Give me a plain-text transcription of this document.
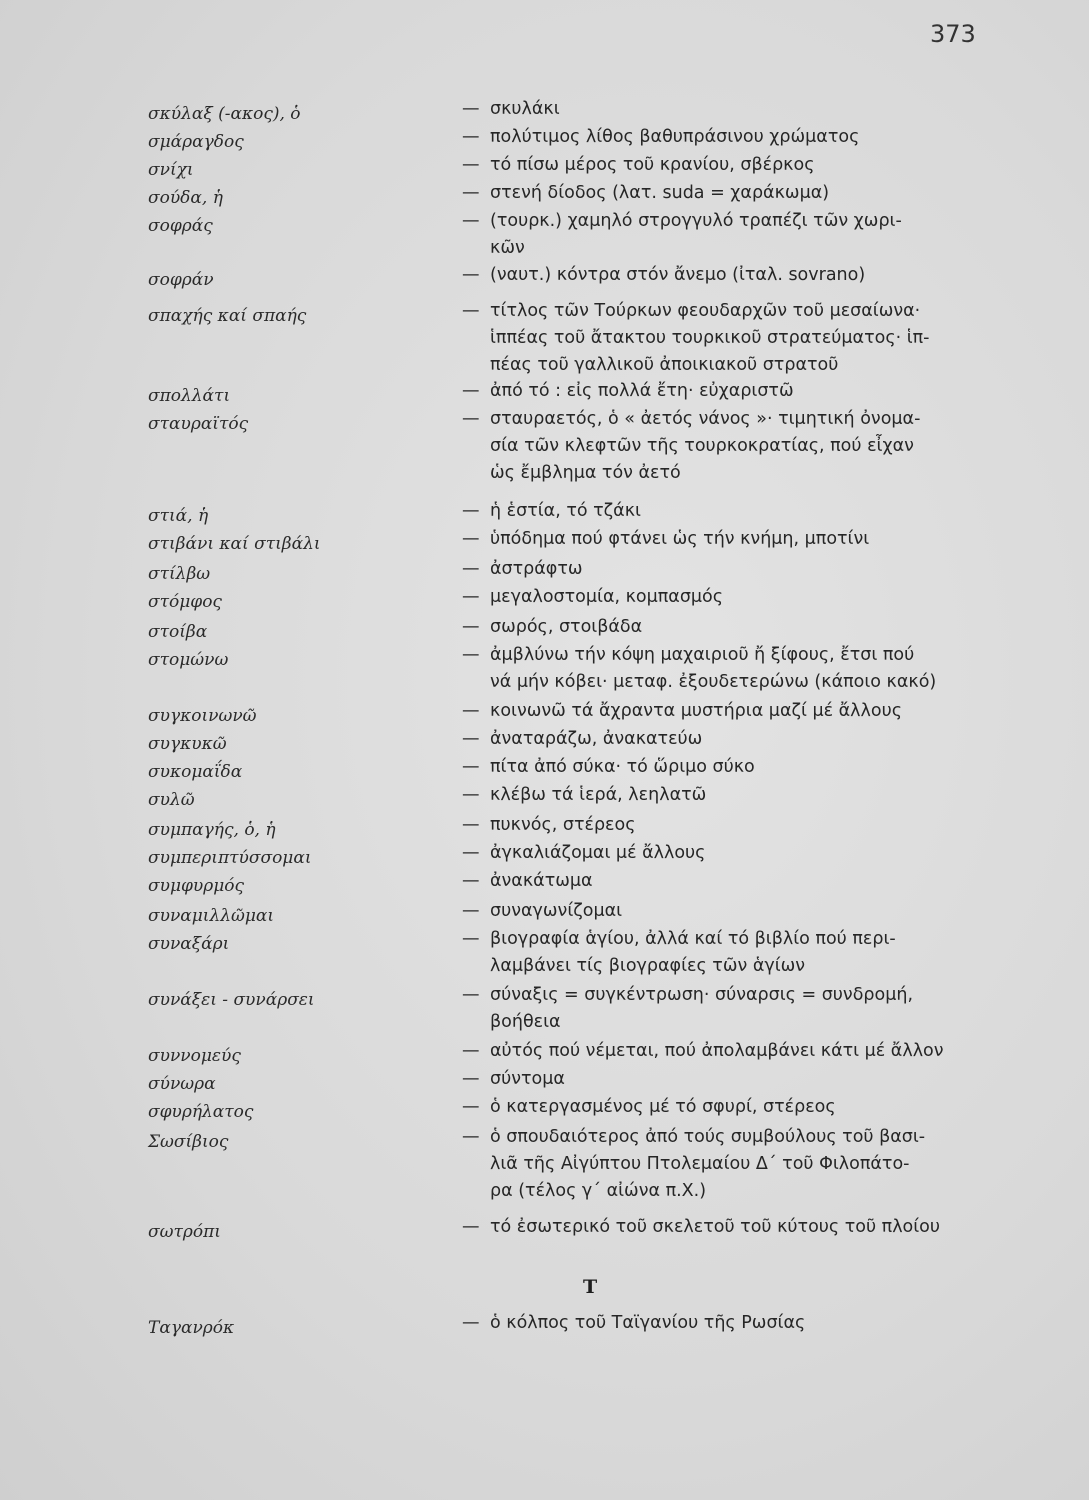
373
σκύλαξ (-ακος), ὁ	— σκυλάκι
σμάραγδος	— πολύτιμος λίθος βαθυπράσινου χρώματος
σνίχι	— τό πίσω μέρος τοῦ κρανίου, σβέρκος
σούδα, ἡ	— στενή δίοδος (λατ. suda = χαράκωμα)
σοφράς	— (τουρκ.) χαμηλό στρογγυλό τραπέζι τῶν χωρι-
κῶν
σοφράν	— (ναυτ.) κόντρα στόν ἄνεμο (ἰταλ. sovrano)
σπαχής καί σπαής	— τίτλος τῶν Τούρκων φεουδαρχῶν τοῦ μεσαίωνα·
ἱππέας τοῦ ἄτακτου τουρκικοῦ στρατεύματος· ἱπ-
πέας τοῦ γαλλικοῦ ἀποικιακοῦ στρατοῦ
σπολλάτι	— ἀπό τό : εἰς πολλά ἔτη· εὐχαριστῶ
σταυραϊτός	— σταυραετός, ὁ « ἀετός νάνος »· τιμητική ὀνομα-
σία τῶν κλεφτῶν τῆς τουρκοκρατίας, πού εἶχαν
ὡς ἔμβλημα τόν ἀετό
στιά, ἡ	— ἡ ἑστία, τό τζάκι
στιβάνι καί στιβάλι	— ὑπόδημα πού φτάνει ὡς τήν κνήμη, μποτίνι
στίλβω	— ἀστράφτω
στόμφος	— μεγαλοστομία, κομπασμός
στοίβα	— σωρός, στοιβάδα
στομώνω	— ἀμβλύνω τήν κόψη μαχαιριοῦ ἤ ξίφους, ἔτσι πού
νά μήν κόβει· μεταφ. ἐξουδετερώνω (κάποιο κακό)
συγκοινωνῶ	— κοινωνῶ τά ἄχραντα μυστήρια μαζί μέ ἄλλους
συγκυκῶ	— ἀναταράζω, ἀνακατεύω
συκομαΐδα	— πίτα ἀπό σύκα· τό ὥριμο σύκο
συλῶ	— κλέβω τά ἱερά, λεηλατῶ
συμπαγής, ὁ, ἡ	— πυκνός, στέρεος
συμπεριπτύσσομαι	— ἀγκαλιάζομαι μέ ἄλλους
συμφυρμός	— ἀνακάτωμα
συναμιλλῶμαι	— συναγωνίζομαι
συναξάρι	— βιογραφία ἁγίου, ἀλλά καί τό βιβλίο πού περι-
λαμβάνει τίς βιογραφίες τῶν ἁγίων
συνάξει - συνάρσει	— σύναξις = συγκέντρωση· σύναρσις = συνδρομή,
βοήθεια
συννομεύς	— αὐτός πού νέμεται, πού ἀπολαμβάνει κάτι μέ ἄλλον
σύνωρα	— σύντομα
σφυρήλατος	— ὁ κατεργασμένος μέ τό σφυρί, στέρεος
Σωσίβιος	— ὁ σπουδαιότερος ἀπό τούς συμβούλους τοῦ βασι-
λιᾶ τῆς Αἰγύπτου Πτολεμαίου Δ΄ τοῦ Φιλοπάτο-
ρα (τέλος γ΄ αἰώνα π.Χ.)
σωτρόπι	— τό ἐσωτερικό τοῦ σκελετοῦ τοῦ κύτους τοῦ πλοίου
Ταγανρόκ	— ὁ κόλπος τοῦ Ταϊγανίου τῆς Ρωσίας
T
